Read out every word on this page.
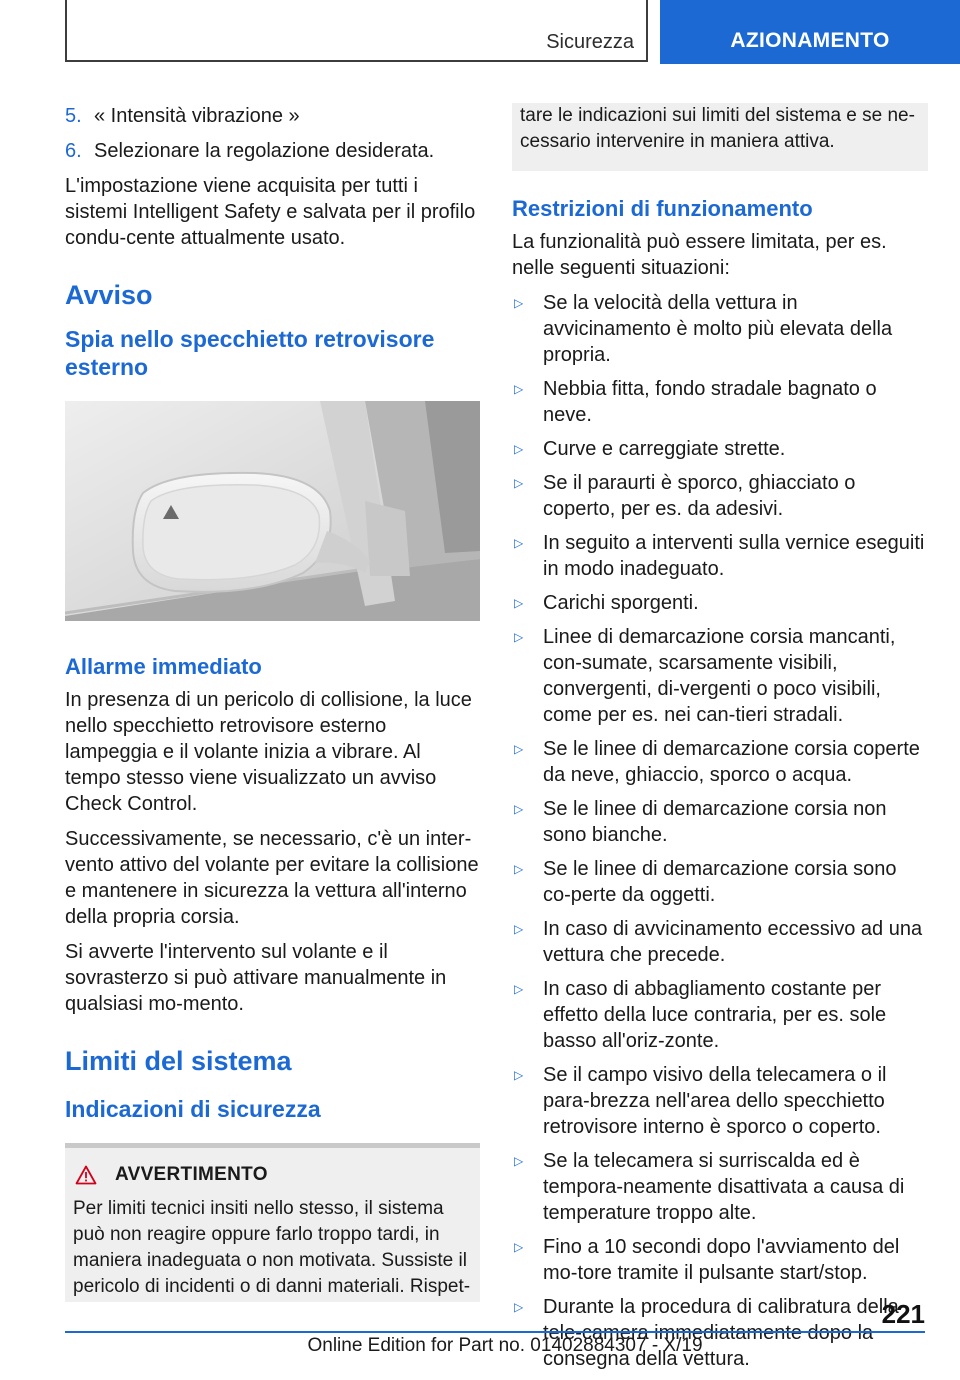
Sicurezza	AZIONAMENTO
5. « Intensità vibrazione »
6. Selezionare la regolazione desiderata.

L'impostazione viene acquisita per tutti i sistemi Intelligent Safety e salvata per il profilo condu-cente attualmente usato.

Avviso
Spia nello specchietto retrovisore esterno
Allarme immediato

In presenza di un pericolo di collisione, la luce nello specchietto retrovisore esterno lampeggia e il volante inizia a vibrare. Al tempo stesso viene visualizzato un avviso Check Control.

Successivamente, se necessario, c'è un inter-vento attivo del volante per evitare la collisione e mantenere in sicurezza la vettura all'interno della propria corsia.

Si avverte l'intervento sul volante e il sovrasterzo si può attivare manualmente in qualsiasi mo-mento.

Limiti del sistema
Indicazioni di sicurezza
AVVERTIMENTO

Per limiti tecnici insiti nello stesso, il sistema può non reagire oppure farlo troppo tardi, in maniera inadeguata o non motivata. Sussiste il pericolo di incidenti o di danni materiali. Rispet-

tare le indicazioni sui limiti del sistema e se ne-cessario intervenire in maniera attiva.
Restrizioni di funzionamento

La funzionalità può essere limitata, per es. nelle seguenti situazioni:

▷ Se la velocità della vettura in avvicinamento è molto più elevata della propria.
▷ Nebbia fitta, fondo stradale bagnato o neve.
▷ Curve e carreggiate strette.
▷ Se il paraurti è sporco, ghiacciato o coperto, per es. da adesivi.
▷ In seguito a interventi sulla vernice eseguiti in modo inadeguato.
▷ Carichi sporgenti.
▷ Linee di demarcazione corsia mancanti, con-sumate, scarsamente visibili, convergenti, di-vergenti o poco visibili, come per es. nei can-tieri stradali.
▷ Se le linee di demarcazione corsia coperte da neve, ghiaccio, sporco o acqua.
▷ Se le linee di demarcazione corsia non sono bianche.
▷ Se le linee di demarcazione corsia sono co-perte da oggetti.
▷ In caso di avvicinamento eccessivo ad una vettura che precede.
▷ In caso di abbagliamento costante per effetto della luce contraria, per es. sole basso all'oriz-zonte.
▷ Se il campo visivo della telecamera o il para-brezza nell'area dello specchietto retrovisore interno è sporco o coperto.
▷ Se la telecamera si surriscalda ed è tempora-neamente disattivata a causa di temperature troppo alte.
▷ Fino a 10 secondi dopo l'avviamento del mo-tore tramite il pulsante start/stop.
▷ Durante la procedura di calibratura della tele-camera immediatamente dopo la consegna della vettura.
221
Online Edition for Part no. 01402884307 - X/19
